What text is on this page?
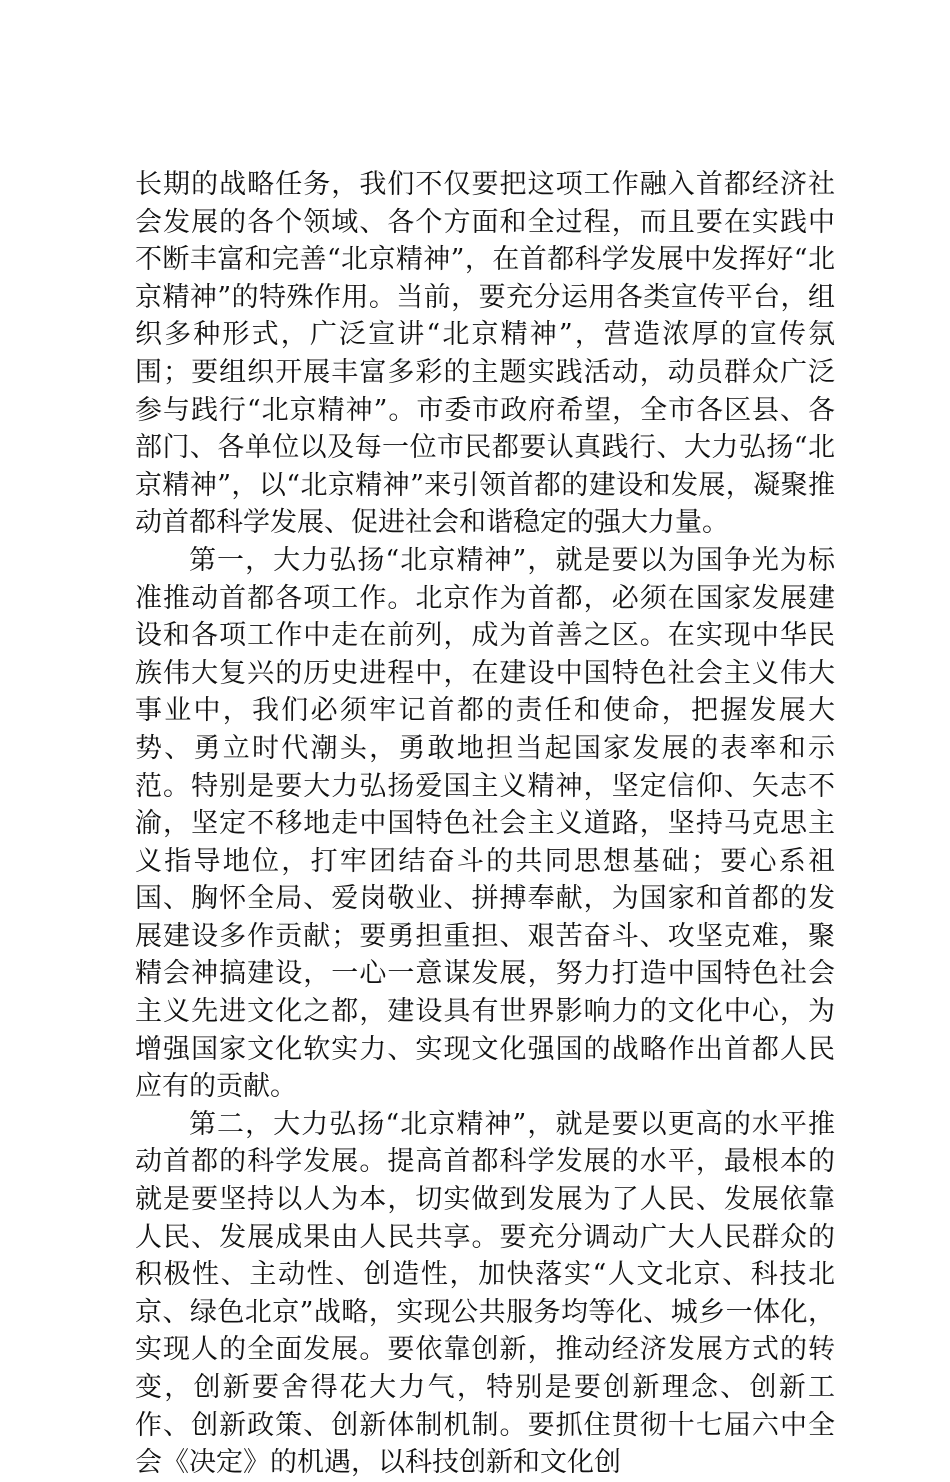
长期的战略任务，我们不仅要把这项工作融入首都经济社会发展的各个领域、各个方面和全过程，而且要在实践中不断丰富和完善“北京精神”，在首都科学发展中发挥好“北京精神”的特殊作用。当前，要充分运用各类宣传平台，组织多种形式，广泛宣讲“北京精神”，营造浓厚的宣传氛围；要组织开展丰富多彩的主题实践活动，动员群众广泛参与践行“北京精神”。市委市政府希望，全市各区县、各部门、各单位以及每一位市民都要认真践行、大力弘扬“北京精神”，以“北京精神”来引领首都的建设和发展，凝聚推动首都科学发展、促进社会和谐稳定的强大力量。

第一，大力弘扬“北京精神”，就是要以为国争光为标准推动首都各项工作。北京作为首都，必须在国家发展建设和各项工作中走在前列，成为首善之区。在实现中华民族伟大复兴的历史进程中，在建设中国特色社会主义伟大事业中，我们必须牢记首都的责任和使命，把握发展大势、勇立时代潮头，勇敢地担当起国家发展的表率和示范。特别是要大力弘扬爱国主义精神，坚定信仰、矢志不渝，坚定不移地走中国特色社会主义道路，坚持马克思主义指导地位，打牢团结奋斗的共同思想基础；要心系祖国、胸怀全局、爱岗敬业、拼搏奉献，为国家和首都的发展建设多作贡献；要勇担重担、艰苦奋斗、攻坚克难，聚精会神搞建设，一心一意谋发展，努力打造中国特色社会主义先进文化之都，建设具有世界影响力的文化中心，为增强国家文化软实力、实现文化强国的战略作出首都人民应有的贡献。

第二，大力弘扬“北京精神”，就是要以更高的水平推动首都的科学发展。提高首都科学发展的水平，最根本的就是要坚持以人为本，切实做到发展为了人民、发展依靠人民、发展成果由人民共享。要充分调动广大人民群众的积极性、主动性、创造性，加快落实“人文北京、科技北京、绿色北京”战略，实现公共服务均等化、城乡一体化，实现人的全面发展。要依靠创新，推动经济发展方式的转变，创新要舍得花大力气，特别是要创新理念、创新工作、创新政策、创新体制机制。要抓住贯彻十七届六中全会《决定》的机遇，以科技创新和文化创
